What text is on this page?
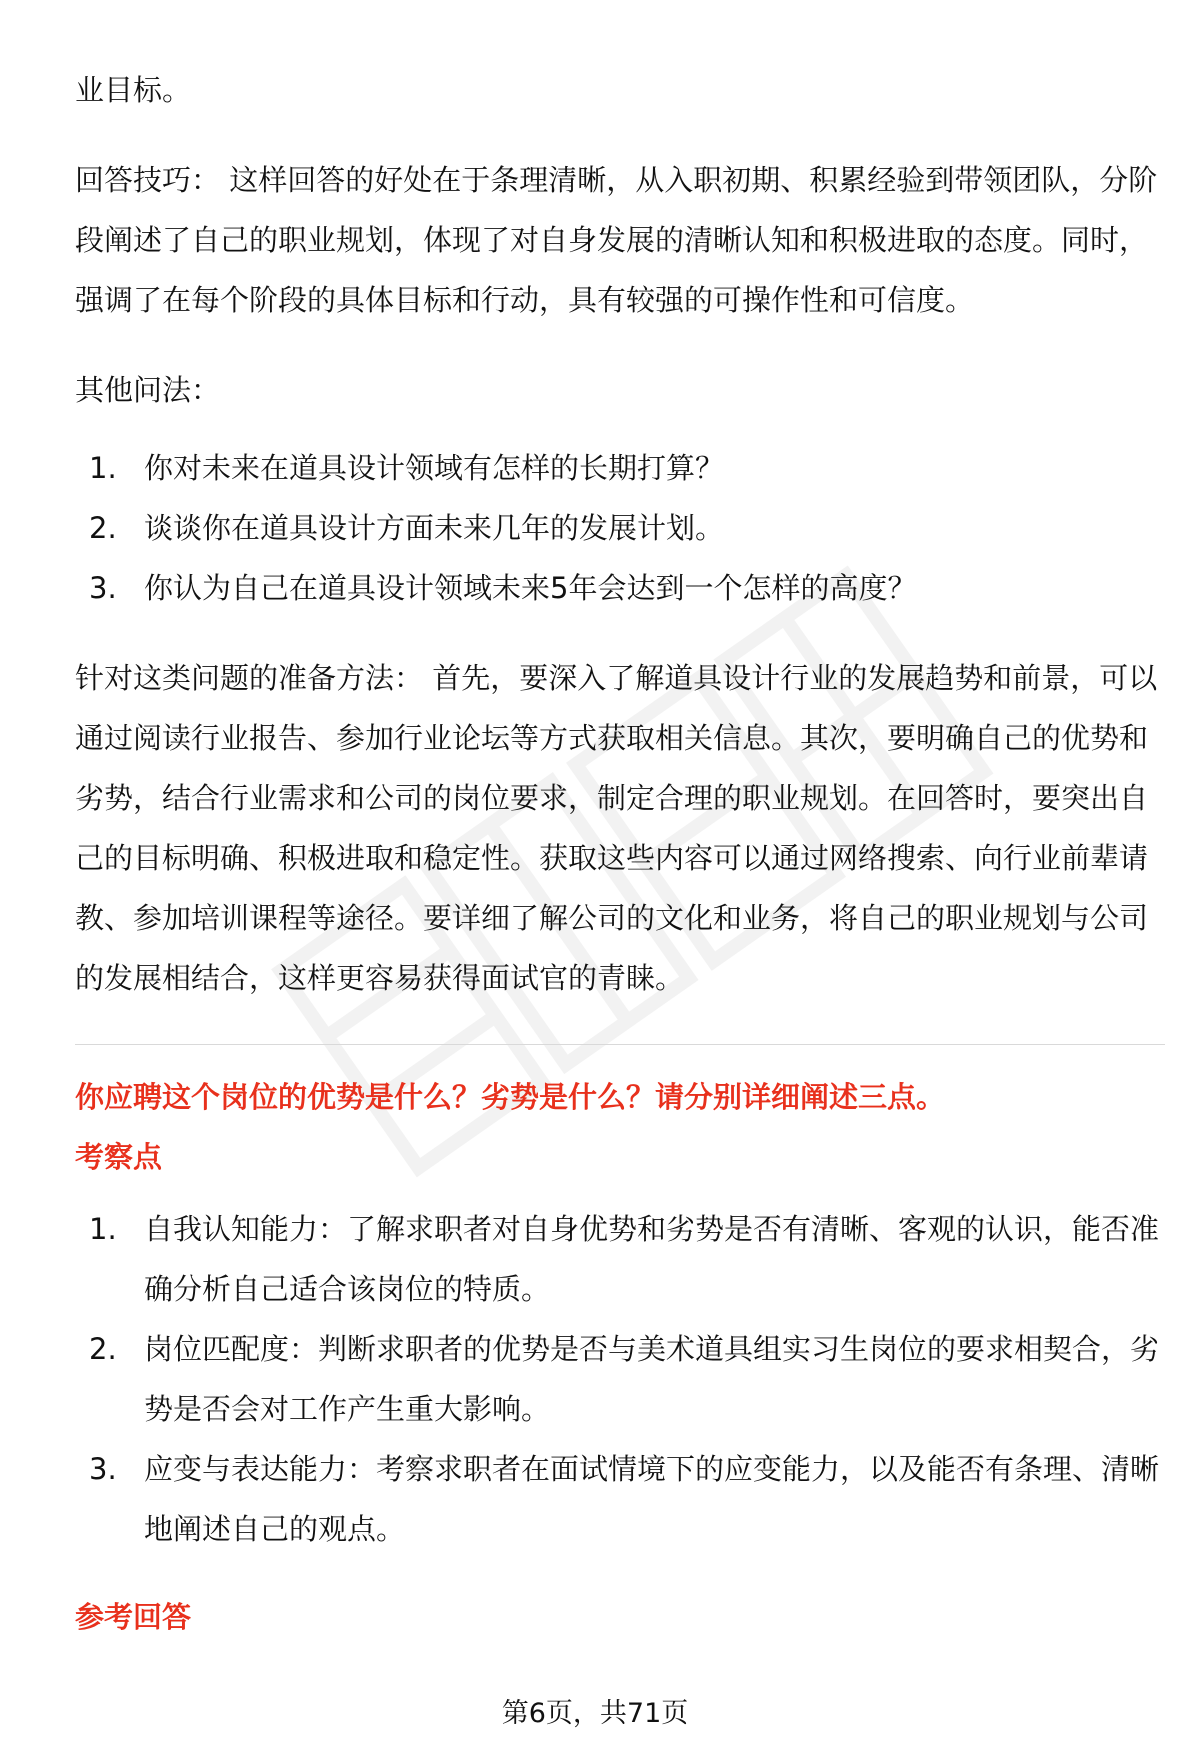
业目标。

回答技巧： 这样回答的好处在于条理清晰，从入职初期、积累经验到带领团队，分阶段阐述了自己的职业规划，体现了对自身发展的清晰认知和积极进取的态度。同时，强调了在每个阶段的具体目标和行动，具有较强的可操作性和可信度。

其他问法：

1. 你对未来在道具设计领域有怎样的长期打算？
2. 谈谈你在道具设计方面未来几年的发展计划。
3. 你认为自己在道具设计领域未来5年会达到一个怎样的高度？

针对这类问题的准备方法： 首先，要深入了解道具设计行业的发展趋势和前景，可以通过阅读行业报告、参加行业论坛等方式获取相关信息。其次，要明确自己的优势和劣势，结合行业需求和公司的岗位要求，制定合理的职业规划。在回答时，要突出自己的目标明确、积极进取和稳定性。获取这些内容可以通过网络搜索、向行业前辈请教、参加培训课程等途径。要详细了解公司的文化和业务，将自己的职业规划与公司的发展相结合，这样更容易获得面试官的青睐。

你应聘这个岗位的优势是什么？劣势是什么？请分别详细阐述三点。

考察点

1. 自我认知能力：了解求职者对自身优势和劣势是否有清晰、客观的认识，能否准确分析自己适合该岗位的特质。
2. 岗位匹配度：判断求职者的优势是否与美术道具组实习生岗位的要求相契合，劣势是否会对工作产生重大影响。
3. 应变与表达能力：考察求职者在面试情境下的应变能力，以及能否有条理、清晰地阐述自己的观点。

参考回答

第6页，共71页
